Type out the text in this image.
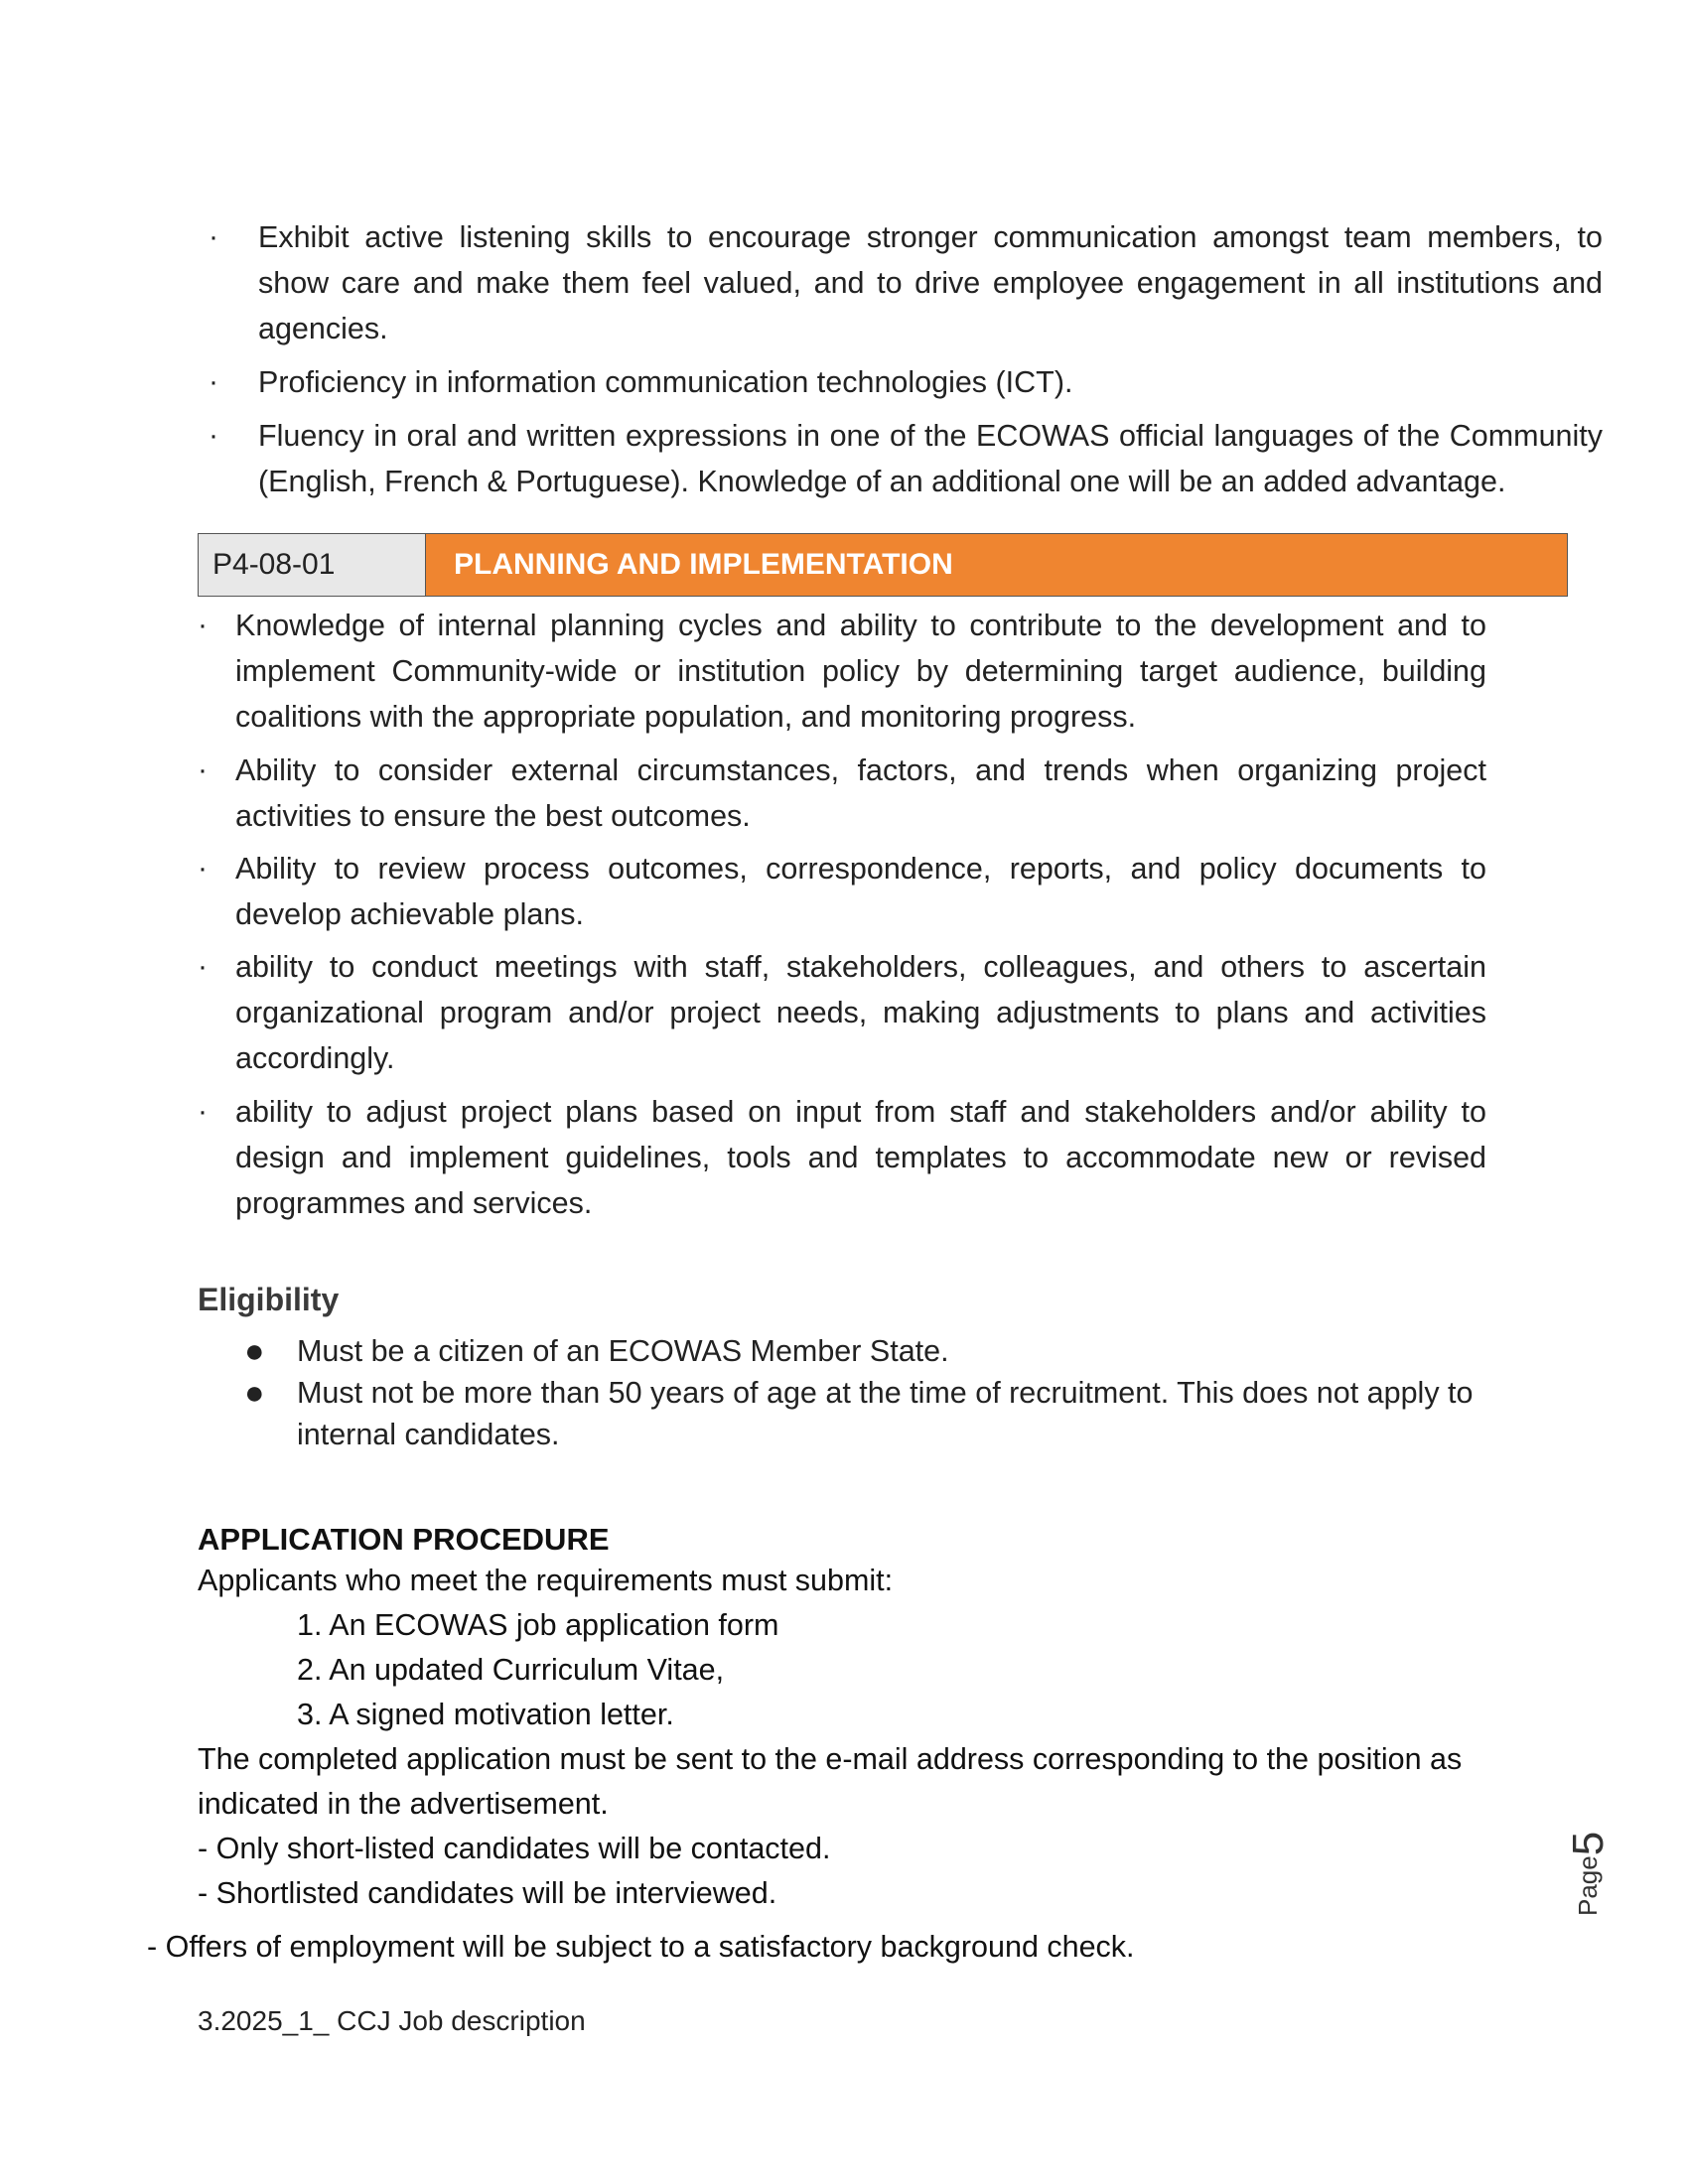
· Exhibit active listening skills to encourage stronger communication amongst team members, to show care and make them feel valued, and to drive employee engagement in all institutions and agencies.
· Proficiency in information communication technologies (ICT).
· Fluency in oral and written expressions in one of the ECOWAS official languages of the Community (English, French & Portuguese). Knowledge of an additional one will be an added advantage.
P4-08-01	PLANNING AND IMPLEMENTATION
· Knowledge of internal planning cycles and ability to contribute to the development and to implement Community-wide or institution policy by determining target audience, building coalitions with the appropriate population, and monitoring progress.
· Ability to consider external circumstances, factors, and trends when organizing project activities to ensure the best outcomes.
· Ability to review process outcomes, correspondence, reports, and policy documents to develop achievable plans.
· ability to conduct meetings with staff, stakeholders, colleagues, and others to ascertain organizational program and/or project needs, making adjustments to plans and activities accordingly.
· ability to adjust project plans based on input from staff and stakeholders and/or ability to design and implement guidelines, tools and templates to accommodate new or revised programmes and services.
Eligibility
● Must be a citizen of an ECOWAS Member State.
● Must not be more than 50 years of age at the time of recruitment. This does not apply to internal candidates.
APPLICATION PROCEDURE
Applicants who meet the requirements must submit:
1. An ECOWAS job application form
2. An updated Curriculum Vitae,
3. A signed motivation letter.
The completed application must be sent to the e-mail address corresponding to the position as indicated in the advertisement.
- Only short-listed candidates will be contacted.
- Shortlisted candidates will be interviewed.
- Offers of employment will be subject to a satisfactory background check.
Page5
3.2025_1_ CCJ Job description
